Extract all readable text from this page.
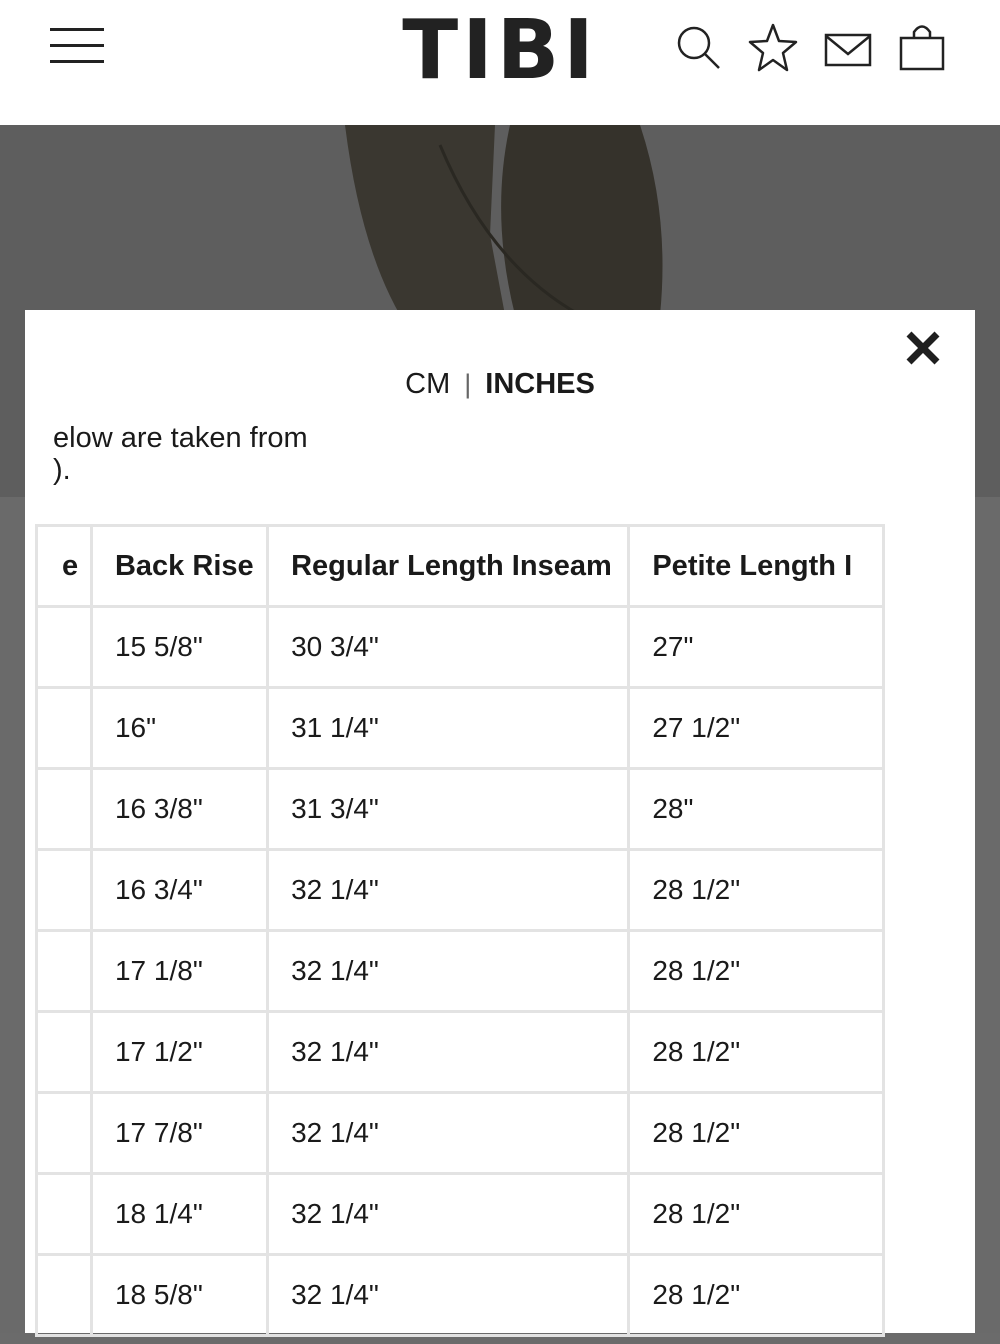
TIBI
CM | INCHES
elow are taken from
).
e	Back Rise	Regular Length Inseam	Petite Length I
	15 5/8"	30 3/4"	27"
	16"	31 1/4"	27 1/2"
	16 3/8"	31 3/4"	28"
	16 3/4"	32 1/4"	28 1/2"
	17 1/8"	32 1/4"	28 1/2"
	17 1/2"	32 1/4"	28 1/2"
	17 7/8"	32 1/4"	28 1/2"
	18 1/4"	32 1/4"	28 1/2"
	18 5/8"	32 1/4"	28 1/2"
